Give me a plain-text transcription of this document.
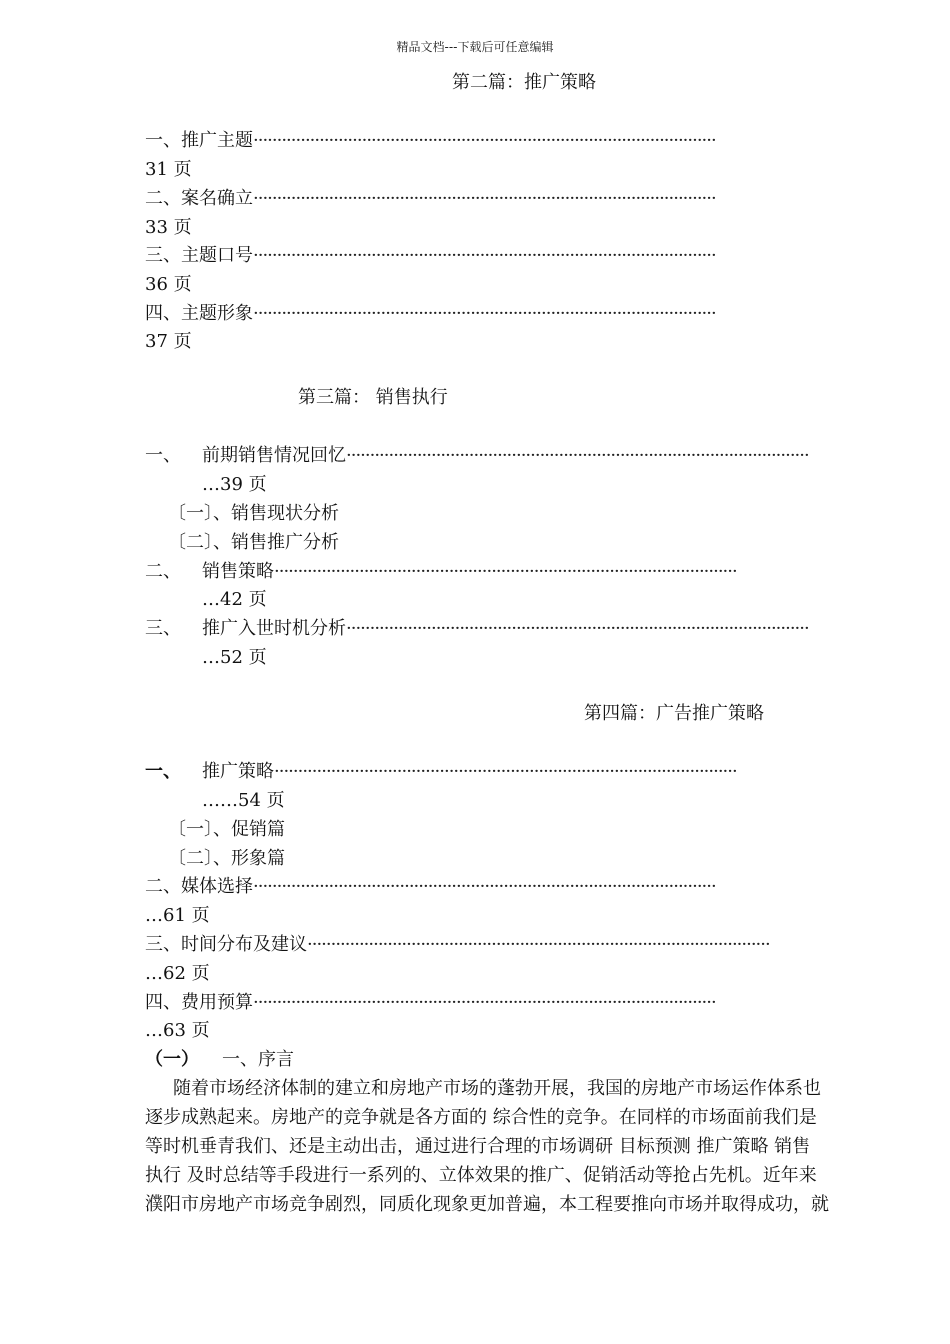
精品文档---下载后可任意编辑
第二篇：推广策略
一、推广主题··································································································
31 页
二、案名确立··································································································
33 页
三、主题口号··································································································
36 页
四、主题形象··································································································
37 页
第三篇： 销售执行
一、 前期销售情况回忆··································································································
…39 页
〔一〕、销售现状分析
〔二〕、销售推广分析
二、 销售策略··································································································
…42 页
三、 推广入世时机分析··································································································
…52 页
第四篇：广告推广策略
一、 推广策略··································································································
……54 页
〔一〕、促销篇
〔二〕、形象篇
二、媒体选择··································································································
…61 页
三、时间分布及建议··································································································
…62 页
四、费用预算··································································································
…63 页
（一） 一、序言
随着市场经济体制的建立和房地产市场的蓬勃开展，我国的房地产市场运作体系也
逐步成熟起来。房地产的竞争就是各方面的 综合性的竞争。在同样的市场面前我们是
等时机垂青我们、还是主动出击，通过进行合理的市场调研 目标预测 推广策略 销售
执行 及时总结等手段进行一系列的、立体效果的推广、促销活动等抢占先机。近年来
濮阳市房地产市场竞争剧烈，同质化现象更加普遍，本工程要推向市场并取得成功，就
